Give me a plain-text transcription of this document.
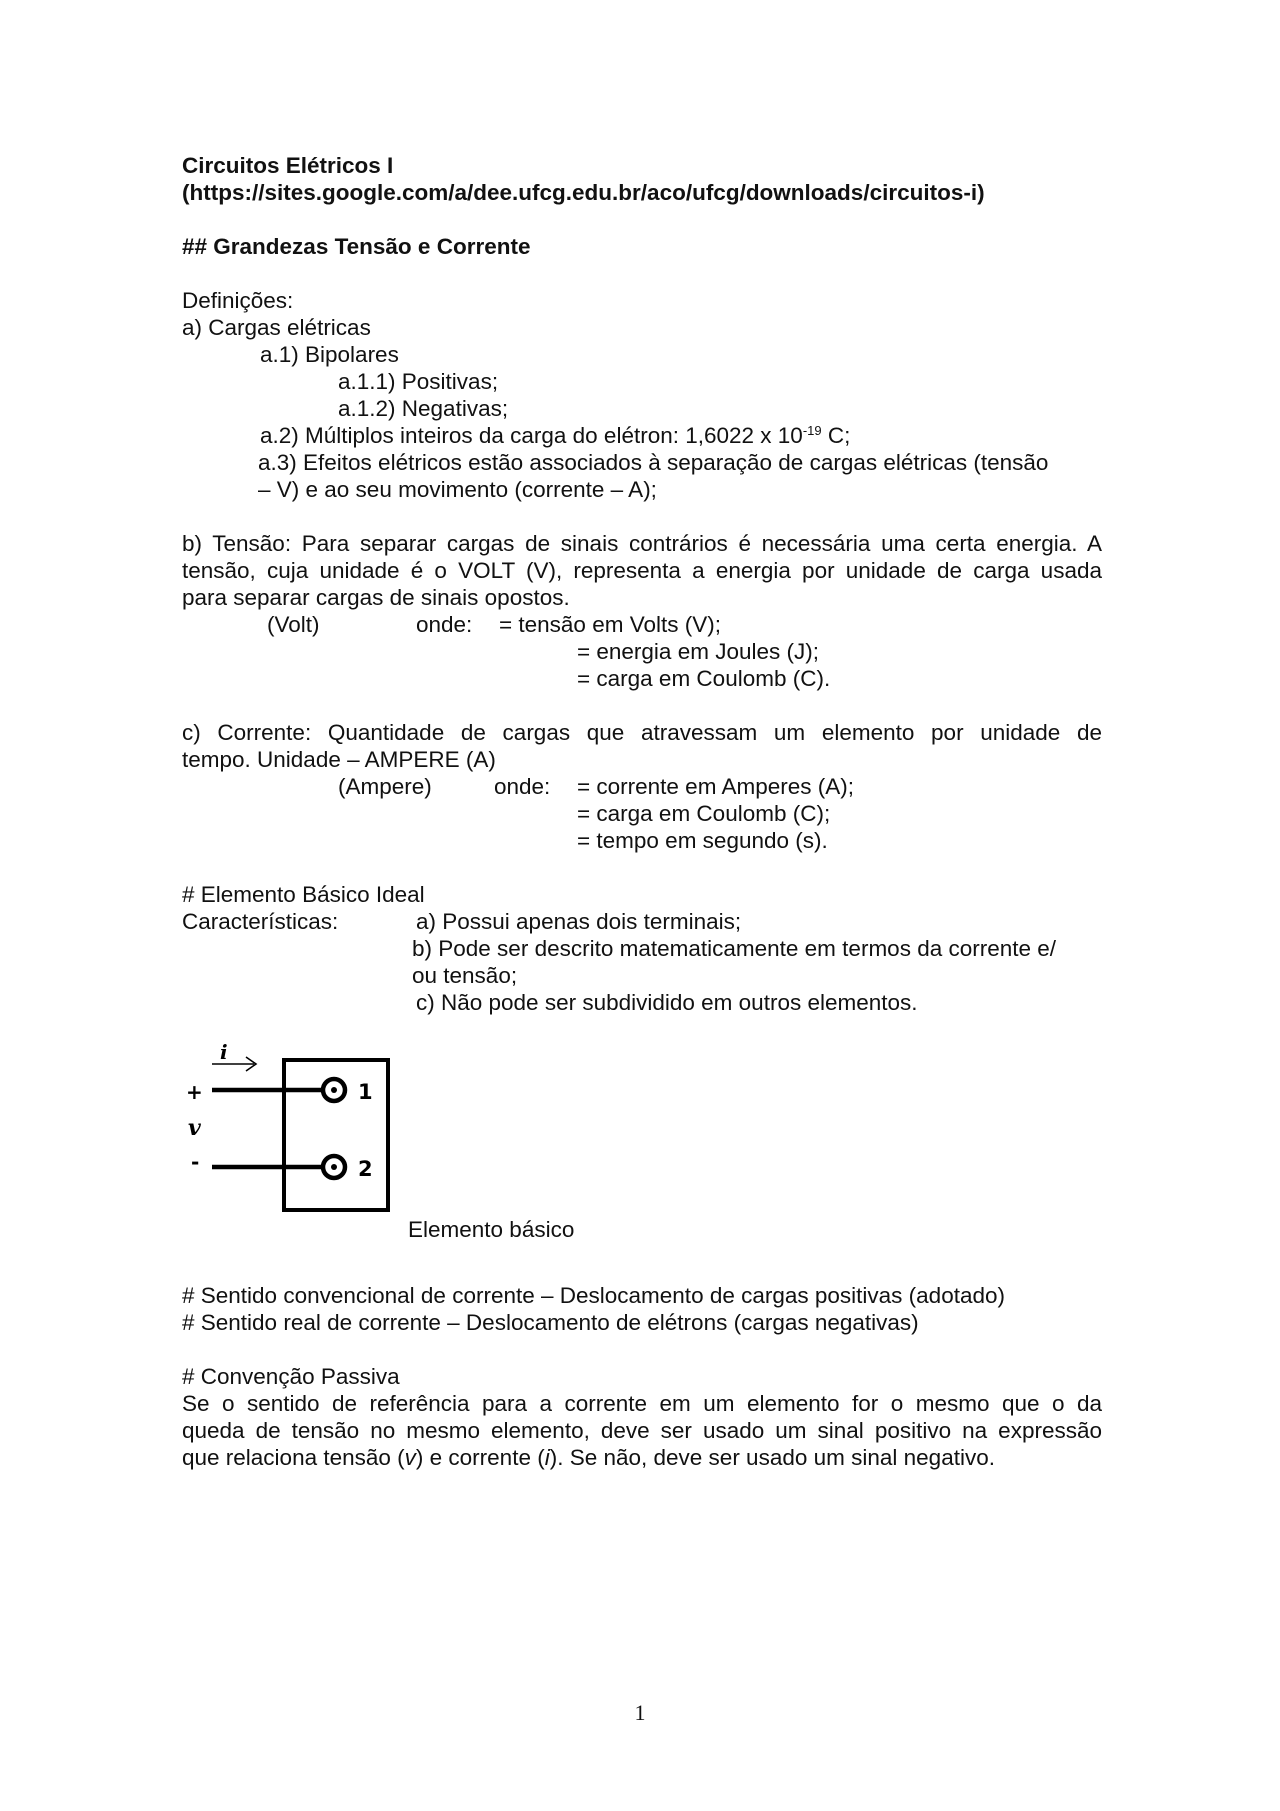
Circuitos Elétricos I
(https://sites.google.com/a/dee.ufcg.edu.br/aco/ufcg/downloads/circuitos-i)
## Grandezas Tensão e Corrente
Definições:
a) Cargas elétricas
a.1) Bipolares
a.1.1) Positivas;
a.1.2) Negativas;
a.2) Múltiplos inteiros da carga do elétron: 1,6022 x $10^{-19}$ C;
a.3) Efeitos elétricos estão associados à separação de cargas elétricas (tensão
– V) e ao seu movimento (corrente – A);
b) Tensão: Para separar cargas de sinais contrários é necessária uma certa energia. A
tensão, cuja unidade é o VOLT (V), representa a energia por unidade de carga usada
para separar cargas de sinais opostos.
(Volt)	onde: = tensão em Volts (V);
= energia em Joules (J);
= carga em Coulomb (C).
c) Corrente: Quantidade de cargas que atravessam um elemento por unidade de
tempo. Unidade – AMPERE (A)
(Ampere)	onde: = corrente em Amperes (A);
= carga em Coulomb (C);
= tempo em segundo (s).
# Elemento Básico Ideal
Características:	a) Possui apenas dois terminais;
b) Pode ser descrito matematicamente em termos da corrente e/
ou tensão;
c) Não pode ser subdividido em outros elementos.
i
1
2
+
v
-
Elemento básico
# Sentido convencional de corrente – Deslocamento de cargas positivas (adotado)
# Sentido real de corrente – Deslocamento de elétrons (cargas negativas)
# Convenção Passiva
Se o sentido de referência para a corrente em um elemento for o mesmo que o da
queda de tensão no mesmo elemento, deve ser usado um sinal positivo na expressão
que relaciona tensão (v) e corrente (i). Se não, deve ser usado um sinal negativo.
1
